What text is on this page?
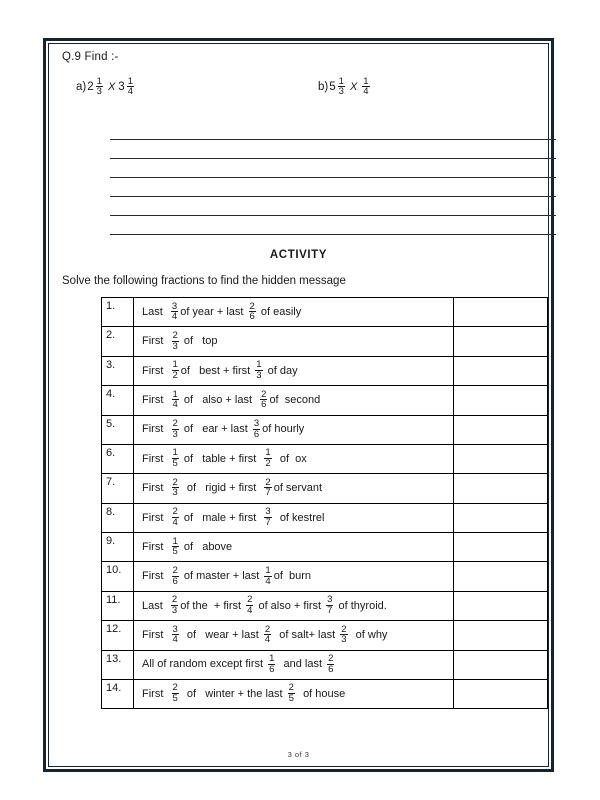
Q.9 Find :-
a) $2 \frac{1}{3}$ X $3 \frac{1}{4}$	b) $5 \frac{1}{3}$ X $\frac{1}{4}$
ACTIVITY
Solve the following fractions to find the hidden message
1.	Last $\frac{3}{4}$ of year + last $\frac{2}{6}$ of easily

2.	First $\frac{2}{3}$ of   top	

3.	First $\frac{1}{2}$ of   best + first $\frac{1}{3}$ of day

4.	First $\frac{1}{4}$ of   also + last $\frac{2}{6}$ of  second

5.	First $\frac{2}{3}$ of   ear + last $\frac{3}{6}$ of hourly

6.	First $\frac{1}{5}$ of   table + first $\frac{1}{2}$ of  ox

7.	First $\frac{2}{3}$ of   rigid + first $\frac{2}{7}$ of servant

8.	First $\frac{2}{4}$ of   male + first $\frac{3}{7}$ of kestrel

9.	First $\frac{1}{5}$ of   above	

10.	First $\frac{2}{6}$ of master + last $\frac{1}{4}$ of  burn

11.	Last $\frac{2}{3}$ of the  + first $\frac{2}{4}$ of also + first $\frac{3}{7}$ of thyroid.

12.	First $\frac{3}{4}$ of   wear + last $\frac{2}{4}$ of salt+ last $\frac{2}{3}$ of why

13.	All of random except first $\frac{1}{6}$ and last $\frac{2}{6}$

14.	First $\frac{2}{5}$ of   winter + the last $\frac{2}{5}$ of house

3 of 3
